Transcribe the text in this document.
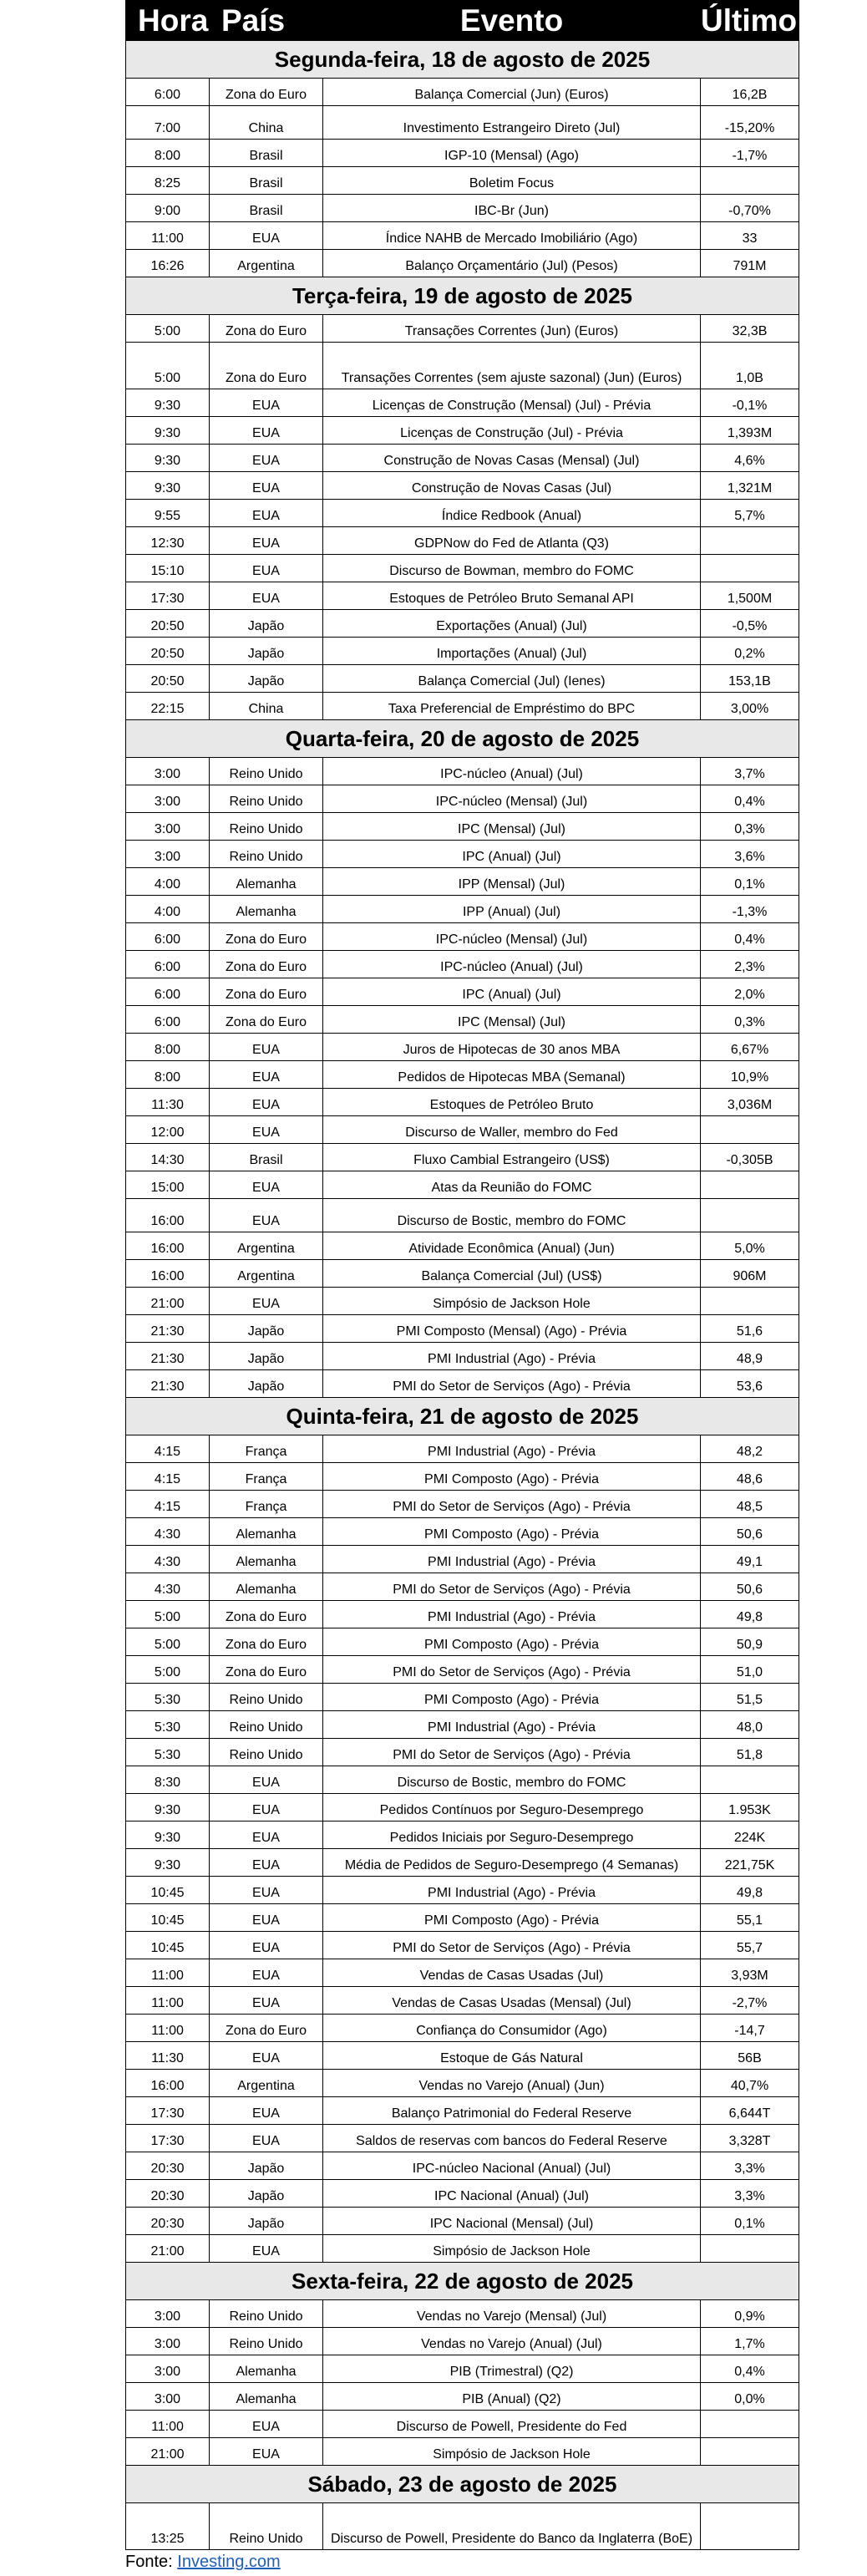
Hora	País	Evento	Último
Segunda-feira, 18 de agosto de 2025			
6:00	Zona do Euro	Balança Comercial (Jun) (Euros)	16,2B
7:00	China	Investimento Estrangeiro Direto (Jul)	-15,20%
8:00	Brasil	IGP-10 (Mensal) (Ago)	-1,7%
8:25	Brasil	Boletim Focus	
9:00	Brasil	IBC-Br (Jun)	-0,70%
11:00	EUA	Índice NAHB de Mercado Imobiliário (Ago)	33
16:26	Argentina	Balanço Orçamentário (Jul) (Pesos)	791M
Terça-feira, 19 de agosto de 2025			
5:00	Zona do Euro	Transações Correntes (Jun) (Euros)	32,3B
5:00	Zona do Euro	Transações Correntes (sem ajuste sazonal) (Jun) (Euros)	1,0B
9:30	EUA	Licenças de Construção (Mensal) (Jul) - Prévia	-0,1%
9:30	EUA	Licenças de Construção (Jul) - Prévia	1,393M
9:30	EUA	Construção de Novas Casas (Mensal) (Jul)	4,6%
9:30	EUA	Construção de Novas Casas (Jul)	1,321M
9:55	EUA	Índice Redbook (Anual)	5,7%
12:30	EUA	GDPNow do Fed de Atlanta (Q3)	
15:10	EUA	Discurso de Bowman, membro do FOMC	
17:30	EUA	Estoques de Petróleo Bruto Semanal API	1,500M
20:50	Japão	Exportações (Anual) (Jul)	-0,5%
20:50	Japão	Importações (Anual) (Jul)	0,2%
20:50	Japão	Balança Comercial (Jul) (Ienes)	153,1B
22:15	China	Taxa Preferencial de Empréstimo do BPC	3,00%
Quarta-feira, 20 de agosto de 2025			
3:00	Reino Unido	IPC-núcleo (Anual) (Jul)	3,7%
3:00	Reino Unido	IPC-núcleo (Mensal) (Jul)	0,4%
3:00	Reino Unido	IPC (Mensal) (Jul)	0,3%
3:00	Reino Unido	IPC (Anual) (Jul)	3,6%
4:00	Alemanha	IPP (Mensal) (Jul)	0,1%
4:00	Alemanha	IPP (Anual) (Jul)	-1,3%
6:00	Zona do Euro	IPC-núcleo (Mensal) (Jul)	0,4%
6:00	Zona do Euro	IPC-núcleo (Anual) (Jul)	2,3%
6:00	Zona do Euro	IPC (Anual) (Jul)	2,0%
6:00	Zona do Euro	IPC (Mensal) (Jul)	0,3%
8:00	EUA	Juros de Hipotecas de 30 anos MBA	6,67%
8:00	EUA	Pedidos de Hipotecas MBA (Semanal)	10,9%
11:30	EUA	Estoques de Petróleo Bruto	3,036M
12:00	EUA	Discurso de Waller, membro do Fed	
14:30	Brasil	Fluxo Cambial Estrangeiro (US$)	-0,305B
15:00	EUA	Atas da Reunião do FOMC	
16:00	EUA	Discurso de Bostic, membro do FOMC	
16:00	Argentina	Atividade Econômica (Anual) (Jun)	5,0%
16:00	Argentina	Balança Comercial (Jul) (US$)	906M
21:00	EUA	Simpósio de Jackson Hole	
21:30	Japão	PMI Composto (Mensal) (Ago) - Prévia	51,6
21:30	Japão	PMI Industrial (Ago) - Prévia	48,9
21:30	Japão	PMI do Setor de Serviços (Ago) - Prévia	53,6
Quinta-feira, 21 de agosto de 2025			
4:15	França	PMI Industrial (Ago) - Prévia	48,2
4:15	França	PMI Composto (Ago) - Prévia	48,6
4:15	França	PMI do Setor de Serviços (Ago) - Prévia	48,5
4:30	Alemanha	PMI Composto (Ago) - Prévia	50,6
4:30	Alemanha	PMI Industrial (Ago) - Prévia	49,1
4:30	Alemanha	PMI do Setor de Serviços (Ago) - Prévia	50,6
5:00	Zona do Euro	PMI Industrial (Ago) - Prévia	49,8
5:00	Zona do Euro	PMI Composto (Ago) - Prévia	50,9
5:00	Zona do Euro	PMI do Setor de Serviços (Ago) - Prévia	51,0
5:30	Reino Unido	PMI Composto (Ago) - Prévia	51,5
5:30	Reino Unido	PMI Industrial (Ago) - Prévia	48,0
5:30	Reino Unido	PMI do Setor de Serviços (Ago) - Prévia	51,8
8:30	EUA	Discurso de Bostic, membro do FOMC	
9:30	EUA	Pedidos Contínuos por Seguro-Desemprego	1.953K
9:30	EUA	Pedidos Iniciais por Seguro-Desemprego	224K
9:30	EUA	Média de Pedidos de Seguro-Desemprego (4 Semanas)	221,75K
10:45	EUA	PMI Industrial (Ago) - Prévia	49,8
10:45	EUA	PMI Composto (Ago) - Prévia	55,1
10:45	EUA	PMI do Setor de Serviços (Ago) - Prévia	55,7
11:00	EUA	Vendas de Casas Usadas (Jul)	3,93M
11:00	EUA	Vendas de Casas Usadas (Mensal) (Jul)	-2,7%
11:00	Zona do Euro	Confiança do Consumidor (Ago)	-14,7
11:30	EUA	Estoque de Gás Natural	56B
16:00	Argentina	Vendas no Varejo (Anual) (Jun)	40,7%
17:30	EUA	Balanço Patrimonial do Federal Reserve	6,644T
17:30	EUA	Saldos de reservas com bancos do Federal Reserve	3,328T
20:30	Japão	IPC-núcleo Nacional (Anual) (Jul)	3,3%
20:30	Japão	IPC Nacional (Anual) (Jul)	3,3%
20:30	Japão	IPC Nacional (Mensal) (Jul)	0,1%
21:00	EUA	Simpósio de Jackson Hole	
Sexta-feira, 22 de agosto de 2025			
3:00	Reino Unido	Vendas no Varejo (Mensal) (Jul)	0,9%
3:00	Reino Unido	Vendas no Varejo (Anual) (Jul)	1,7%
3:00	Alemanha	PIB (Trimestral) (Q2)	0,4%
3:00	Alemanha	PIB (Anual) (Q2)	0,0%
11:00	EUA	Discurso de Powell, Presidente do Fed	
21:00	EUA	Simpósio de Jackson Hole	
Sábado, 23 de agosto de 2025			
13:25	Reino Unido	Discurso de Powell, Presidente do Banco da Inglaterra (BoE)	
Fonte: Investing.com
